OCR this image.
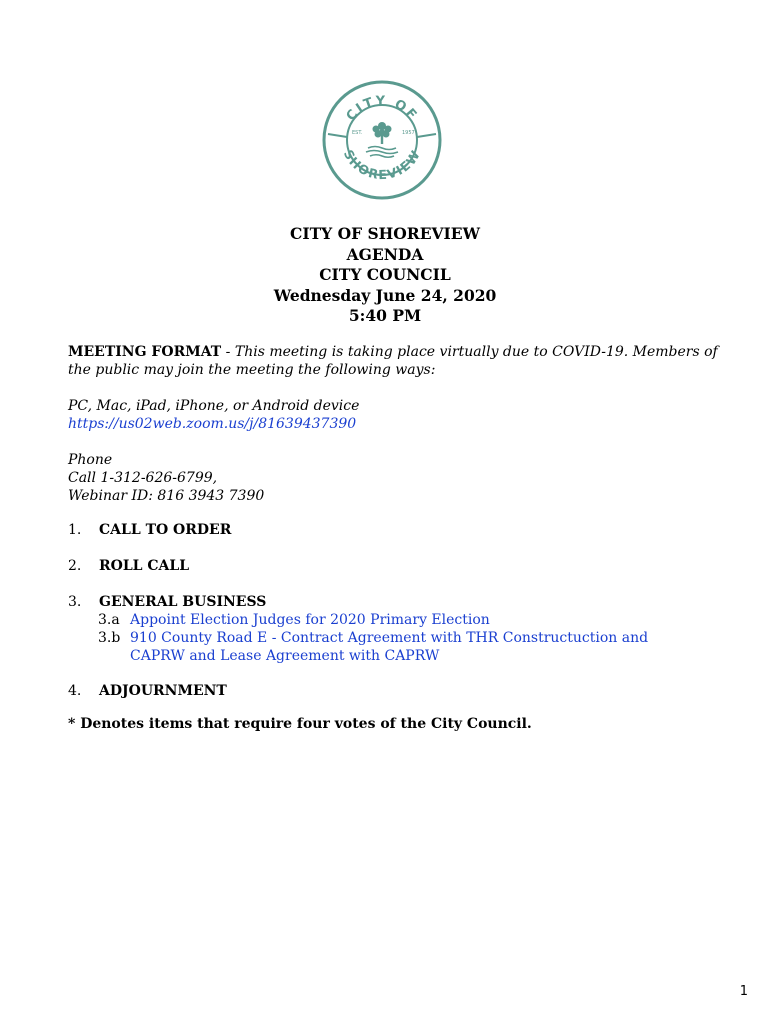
CITY OF
SHOREVIEW
EST.	1957
CITY OF SHOREVIEW
AGENDA
CITY COUNCIL
Wednesday June 24, 2020
5:40 PM
MEETING FORMAT - This meeting is taking place virtually due to COVID-19. Members of the public may join the meeting the following ways:
PC, Mac, iPad, iPhone, or Android device
https://us02web.zoom.us/j/81639437390
Phone
Call 1-312-626-6799,
Webinar ID: 816 3943 7390
1. CALL TO ORDER
2. ROLL CALL
3. GENERAL BUSINESS
3.a Appoint Election Judges for 2020 Primary Election
3.b 910 County Road E - Contract Agreement with THR Constructuction and CAPRW and Lease Agreement with CAPRW
4. ADJOURNMENT
* Denotes items that require four votes of the City Council.
1
